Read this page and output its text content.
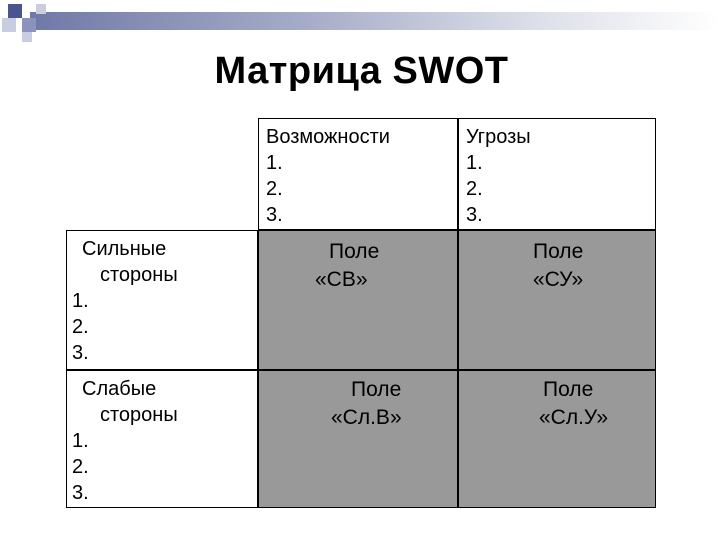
Матрица SWOT
Возможности
1.
2.
3.
Угрозы
1.
2.
3.
Сильные
стороны
1.
2.
3.
Слабые
стороны
1.
2.
3.
Поле
«СВ»
Поле
«СУ»
Поле
«Сл.В»
Поле
«Сл.У»
